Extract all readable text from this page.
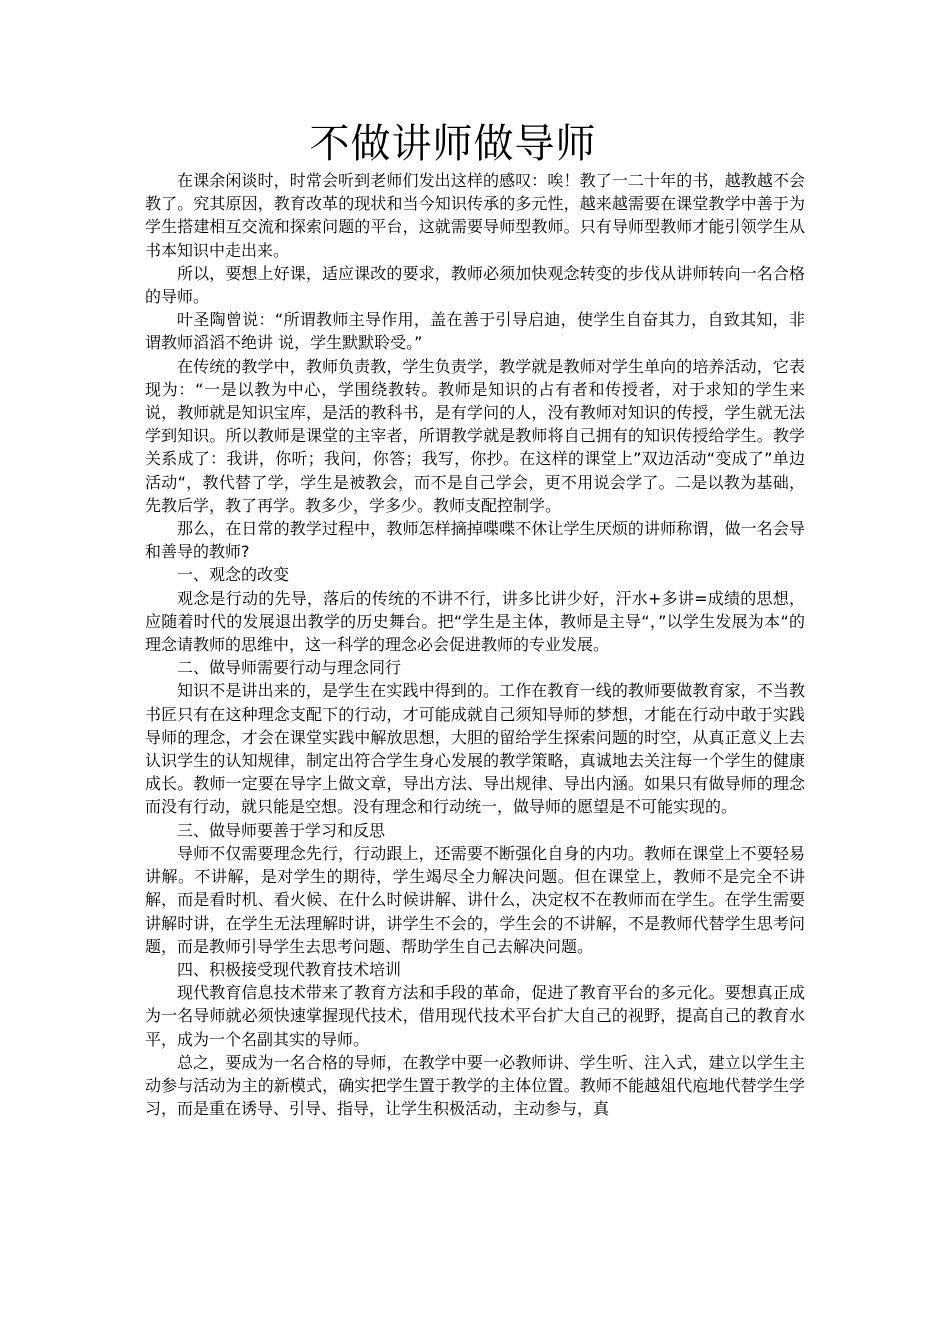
不做讲师做导师

在课余闲谈时，时常会听到老师们发出这样的感叹：唉！教了一二十年的书，越教越不会教了。究其原因，教育改革的现状和当今知识传承的多元性，越来越需要在课堂教学中善于为学生搭建相互交流和探索问题的平台，这就需要导师型教师。只有导师型教师才能引领学生从书本知识中走出来。

所以，要想上好课，适应课改的要求，教师必须加快观念转变的步伐从讲师转向一名合格的导师。

叶圣陶曾说：“所谓教师主导作用，盖在善于引导启迪，使学生自奋其力，自致其知，非谓教师滔滔不绝讲 说，学生默默聆受。”

在传统的教学中，教师负责教，学生负责学，教学就是教师对学生单向的培养活动，它表现为：“一是以教为中心，学围绕教转。教师是知识的占有者和传授者，对于求知的学生来说，教师就是知识宝库，是活的教科书，是有学问的人，没有教师对知识的传授，学生就无法学到知识。所以教师是课堂的主宰者，所谓教学就是教师将自己拥有的知识传授给学生。教学关系成了：我讲，你听；我问，你答；我写，你抄。在这样的课堂上”双边活动“变成了”单边活动“，教代替了学，学生是被教会，而不是自己学会，更不用说会学了。二是以教为基础，先教后学，教了再学。教多少，学多少。教师支配控制学。

那么，在日常的教学过程中，教师怎样摘掉喋喋不休让学生厌烦的讲师称谓，做一名会导和善导的教师?

一、观念的改变

观念是行动的先导，落后的传统的不讲不行，讲多比讲少好，汗水+多讲=成绩的思想，应随着时代的发展退出教学的历史舞台。把“学生是主体，教师是主导“，”以学生发展为本“的理念请教师的思维中，这一科学的理念必会促进教师的专业发展。

二、做导师需要行动与理念同行

知识不是讲出来的，是学生在实践中得到的。工作在教育一线的教师要做教育家，不当教书匠只有在这种理念支配下的行动，才可能成就自己须知导师的梦想，才能在行动中敢于实践导师的理念，才会在课堂实践中解放思想，大胆的留给学生探索问题的时空，从真正意义上去认识学生的认知规律，制定出符合学生身心发展的教学策略，真诚地去关注每一个学生的健康成长。教师一定要在导字上做文章，导出方法、导出规律、导出内涵。如果只有做导师的理念而没有行动，就只能是空想。没有理念和行动统一，做导师的愿望是不可能实现的。

三、做导师要善于学习和反思

导师不仅需要理念先行，行动跟上，还需要不断强化自身的内功。教师在课堂上不要轻易讲解。不讲解，是对学生的期待，学生竭尽全力解决问题。但在课堂上，教师不是完全不讲解，而是看时机、看火候、在什么时候讲解、讲什么，决定权不在教师而在学生。在学生需要讲解时讲，在学生无法理解时讲，讲学生不会的，学生会的不讲解，不是教师代替学生思考问题，而是教师引导学生去思考问题、帮助学生自己去解决问题。

四、积极接受现代教育技术培训

现代教育信息技术带来了教育方法和手段的革命，促进了教育平台的多元化。要想真正成为一名导师就必须快速掌握现代技术，借用现代技术平台扩大自己的视野，提高自己的教育水平，成为一个名副其实的导师。

总之，要成为一名合格的导师，在教学中要一必教师讲、学生听、注入式，建立以学生主动参与活动为主的新模式，确实把学生置于教学的主体位置。教师不能越俎代庖地代替学生学习，而是重在诱导、引导、指导，让学生积极活动，主动参与，真
